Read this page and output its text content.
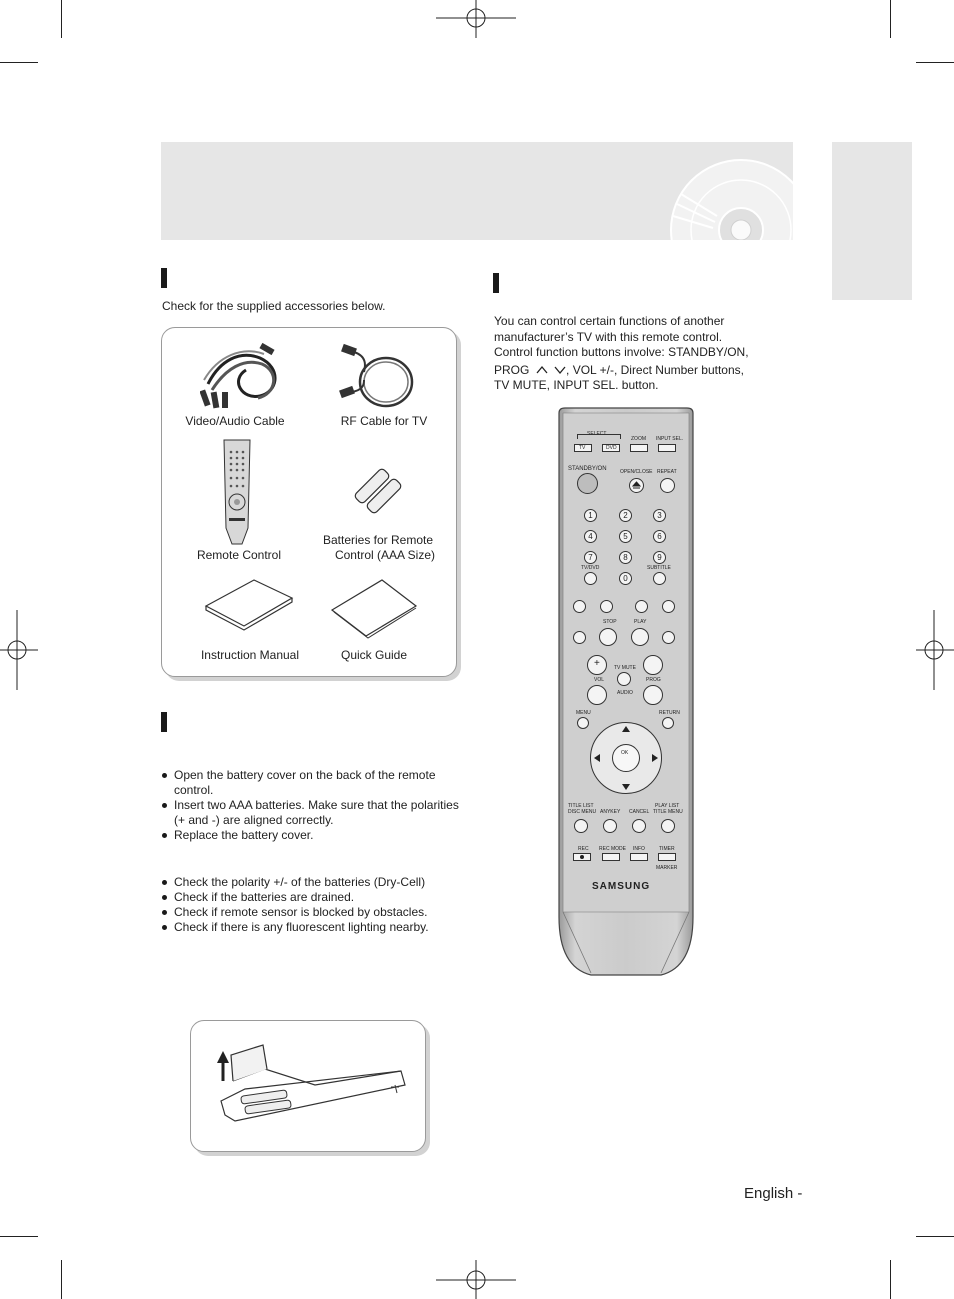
Check for the supplied accessories below.
Video/Audio Cable	RF Cable for TV
Remote Control
Batteries for Remote
Control (AAA Size)
Instruction Manual	Quick Guide
Open the battery cover on the back of the remote control.
Insert two AAA batteries. Make sure that the polarities (+ and -) are aligned correctly.
Replace the battery cover.
Check the polarity +/- of the batteries (Dry-Cell)
Check if the batteries are drained.
Check if remote sensor is blocked by obstacles.
Check if there is any fluorescent lighting nearby.
You can control certain functions of another
manufacturer’s TV with this remote control.
Control function buttons involve: STANDBY/ON,
PROG	, VOL +/-, Direct Number buttons,
TV MUTE, INPUT SEL. button.
SELECT
TV	DVD
ZOOM INPUT SEL.
STANDBY/ON	OPEN/CLOSE REPEAT
1	2	3
4	5	6
7	8	9
TV/DVD
0
SUBTITLE
STOP	PLAY
+	TV MUTE
VOL	PROG
AUDIO
MENU	RETURN
OK
TITLE LIST
DISC MENU ANYKEY CANCEL
PLAY LIST
TITLE MENU
REC REC MODE INFO	TIMER
MARKER
SAMSUNG
English -
